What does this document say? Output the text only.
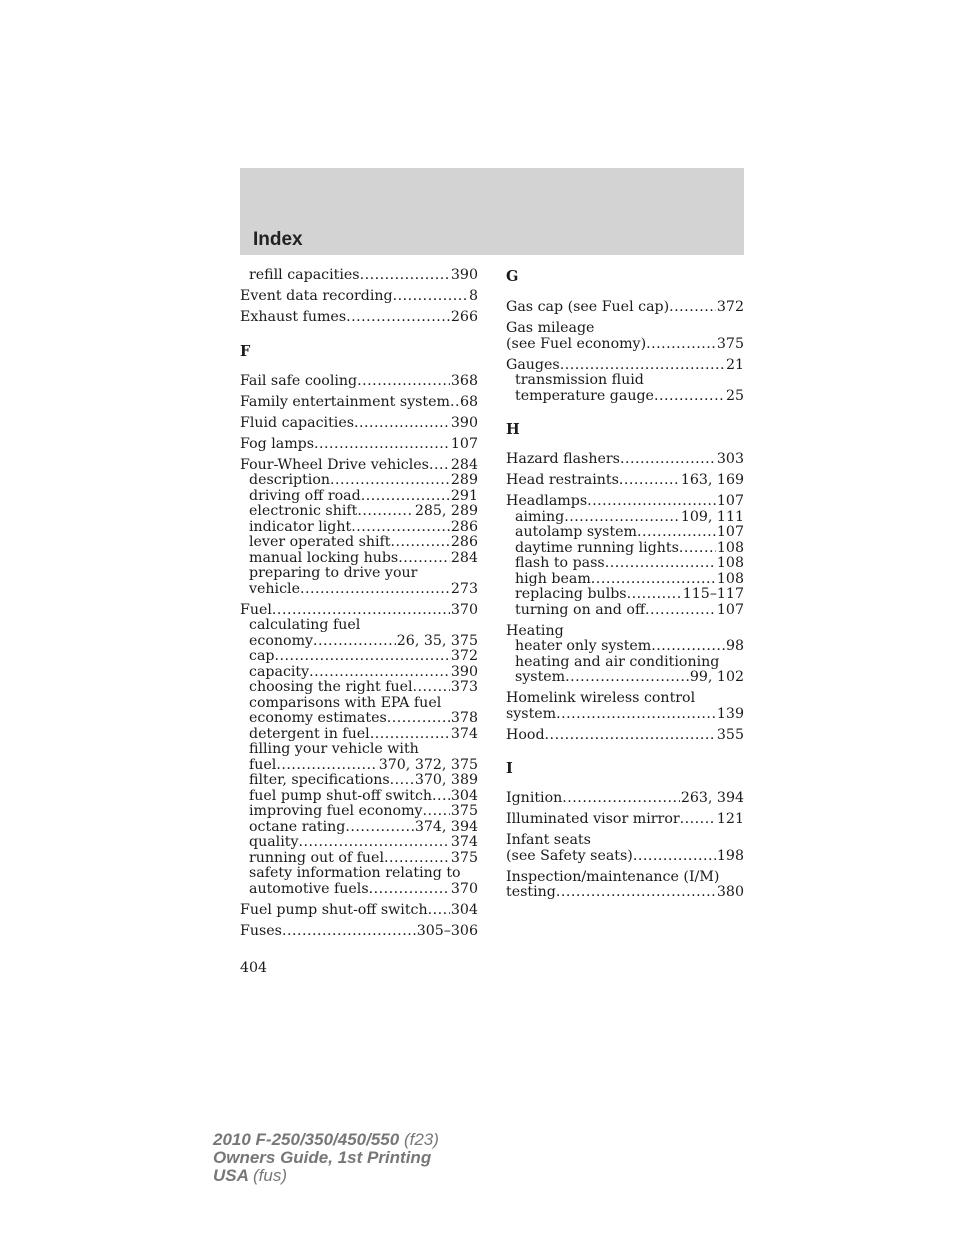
Index
refill capacities .....	390
Event data recording .....	8
Exhaust fumes .....	266
F
Fail safe cooling .....	368
Family entertainment system ..... 68
Fluid capacities .....	390
Fog lamps .....	107
Four-Wheel Drive vehicles ..... 284
description .....	289
driving off road .....	291
electronic shift .....	285, 289
indicator light .....	286
lever operated shift .....	286
manual locking hubs .....	284
preparing to drive your
vehicle .....	273
Fuel .....	370
calculating fuel
economy .....	26, 35, 375
cap .....	372
capacity .....	390
choosing the right fuel .....	373
comparisons with EPA fuel
economy estimates .....	378
detergent in fuel .....	374
filling your vehicle with
fuel .....	370, 372, 375
filter, specifications ..... 370, 389
fuel pump shut-off switch ..... 304
improving fuel economy ..... 375
octane rating .....	374, 394
quality .....	374
running out of fuel .....	375
safety information relating to
automotive fuels .....	370
Fuel pump shut-off switch ..... 304
Fuses .....	305–306
G
Gas cap (see Fuel cap) .....	372
Gas mileage
(see Fuel economy) .....	375
Gauges .....	21
transmission fluid
temperature gauge .....	25
H
Hazard flashers .....	303
Head restraints .....	163, 169
Headlamps .....	107
aiming .....	109, 111
autolamp system .....	107
daytime running lights .....	108
flash to pass .....	108
high beam .....	108
replacing bulbs .....	115–117
turning on and off .....	107
Heating
heater only system .....	98
heating and air conditioning
system .....	99, 102
Homelink wireless control
system .....	139
Hood .....	355
I
Ignition .....	263, 394
Illuminated visor mirror .....	121
Infant seats
(see Safety seats) .....	198
Inspection/maintenance (I/M)
testing .....	380
404
2010 F-250/350/450/550 (f23)
Owners Guide, 1st Printing
USA (fus)
